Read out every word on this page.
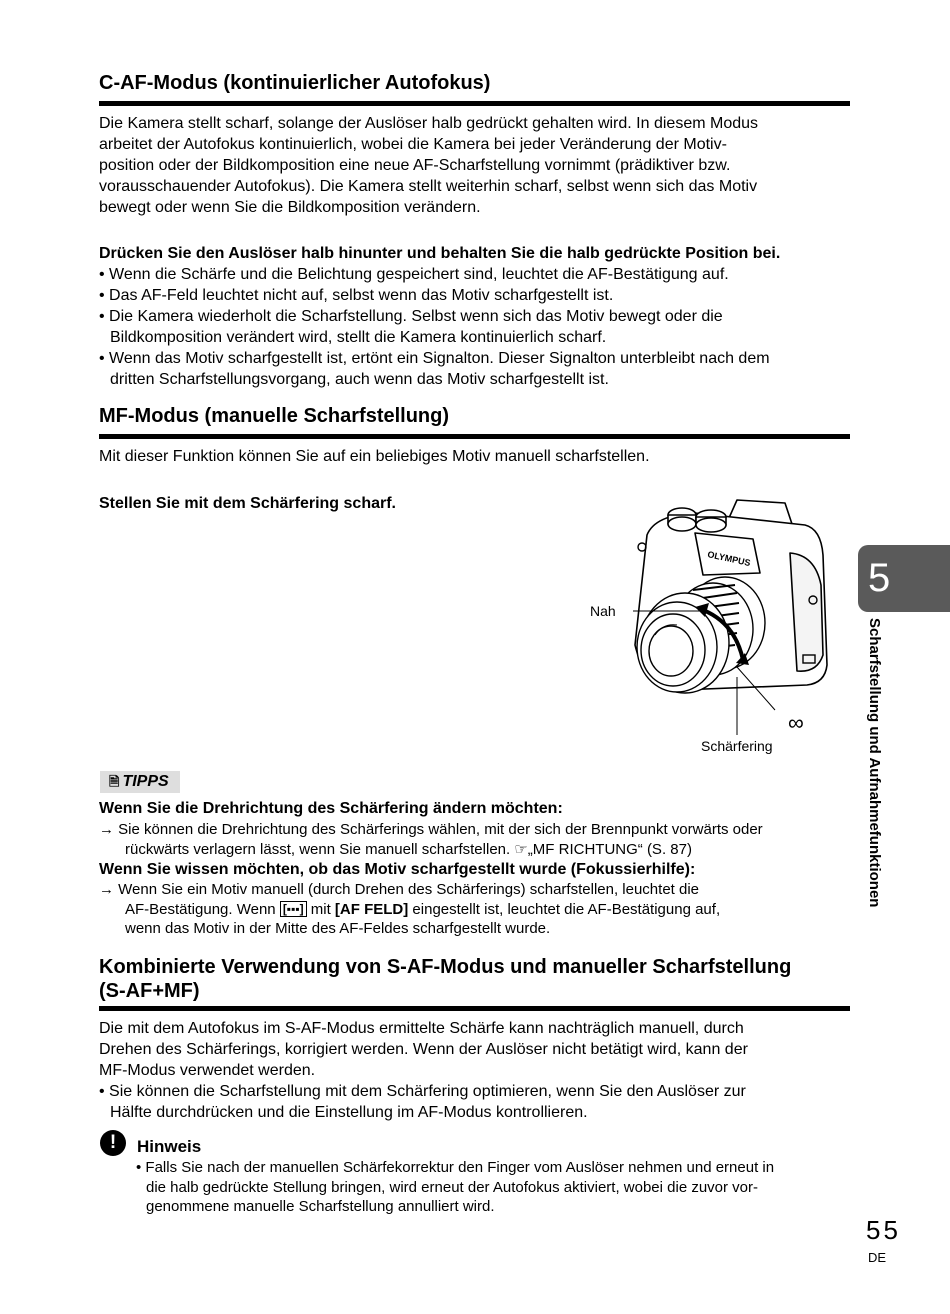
C-AF-Modus (kontinuierlicher Autofokus)
Die Kamera stellt scharf, solange der Auslöser halb gedrückt gehalten wird. In diesem Modus
arbeitet der Autofokus kontinuierlich, wobei die Kamera bei jeder Veränderung der Motiv-
position oder der Bildkomposition eine neue AF-Scharfstellung vornimmt (prädiktiver bzw.
vorausschauender Autofokus). Die Kamera stellt weiterhin scharf, selbst wenn sich das Motiv
bewegt oder wenn Sie die Bildkomposition verändern.
Drücken Sie den Auslöser halb hinunter und behalten Sie die halb gedrückte Position bei.
• Wenn die Schärfe und die Belichtung gespeichert sind, leuchtet die AF-Bestätigung auf.
• Das AF-Feld leuchtet nicht auf, selbst wenn das Motiv scharfgestellt ist.
• Die Kamera wiederholt die Scharfstellung. Selbst wenn sich das Motiv bewegt oder die
Bildkomposition verändert wird, stellt die Kamera kontinuierlich scharf.
• Wenn das Motiv scharfgestellt ist, ertönt ein Signalton. Dieser Signalton unterbleibt nach dem
dritten Scharfstellungsvorgang, auch wenn das Motiv scharfgestellt ist.
MF-Modus (manuelle Scharfstellung)
Mit dieser Funktion können Sie auf ein beliebiges Motiv manuell scharfstellen.
Stellen Sie mit dem Schärfering scharf.
OLYMPUS
Nah
∞
Schärfering
🗎 TIPPS
Wenn Sie die Drehrichtung des Schärfering ändern möchten:
→ Sie können die Drehrichtung des Schärferings wählen, mit der sich der Brennpunkt vorwärts oder
rückwärts verlagern lässt, wenn Sie manuell scharfstellen. ☞„MF RICHTUNG“ (S. 87)
Wenn Sie wissen möchten, ob das Motiv scharfgestellt wurde (Fokussierhilfe):
→ Wenn Sie ein Motiv manuell (durch Drehen des Schärferings) scharfstellen, leuchtet die
AF-Bestätigung. Wenn [▪▪▪] mit [AF FELD] eingestellt ist, leuchtet die AF-Bestätigung auf,
wenn das Motiv in der Mitte des AF-Feldes scharfgestellt wurde.
Kombinierte Verwendung von S-AF-Modus und manueller Scharfstellung
(S-AF+MF)
Die mit dem Autofokus im S-AF-Modus ermittelte Schärfe kann nachträglich manuell, durch
Drehen des Schärferings, korrigiert werden. Wenn der Auslöser nicht betätigt wird, kann der
MF-Modus verwendet werden.
• Sie können die Scharfstellung mit dem Schärfering optimieren, wenn Sie den Auslöser zur
Hälfte durchdrücken und die Einstellung im AF-Modus kontrollieren.
!	Hinweis
• Falls Sie nach der manuellen Schärfekorrektur den Finger vom Auslöser nehmen und erneut in
die halb gedrückte Stellung bringen, wird erneut der Autofokus aktiviert, wobei die zuvor vor-
genommene manuelle Scharfstellung annulliert wird.
5
Scharfstellung und Aufnahmefunktionen
55
DE
